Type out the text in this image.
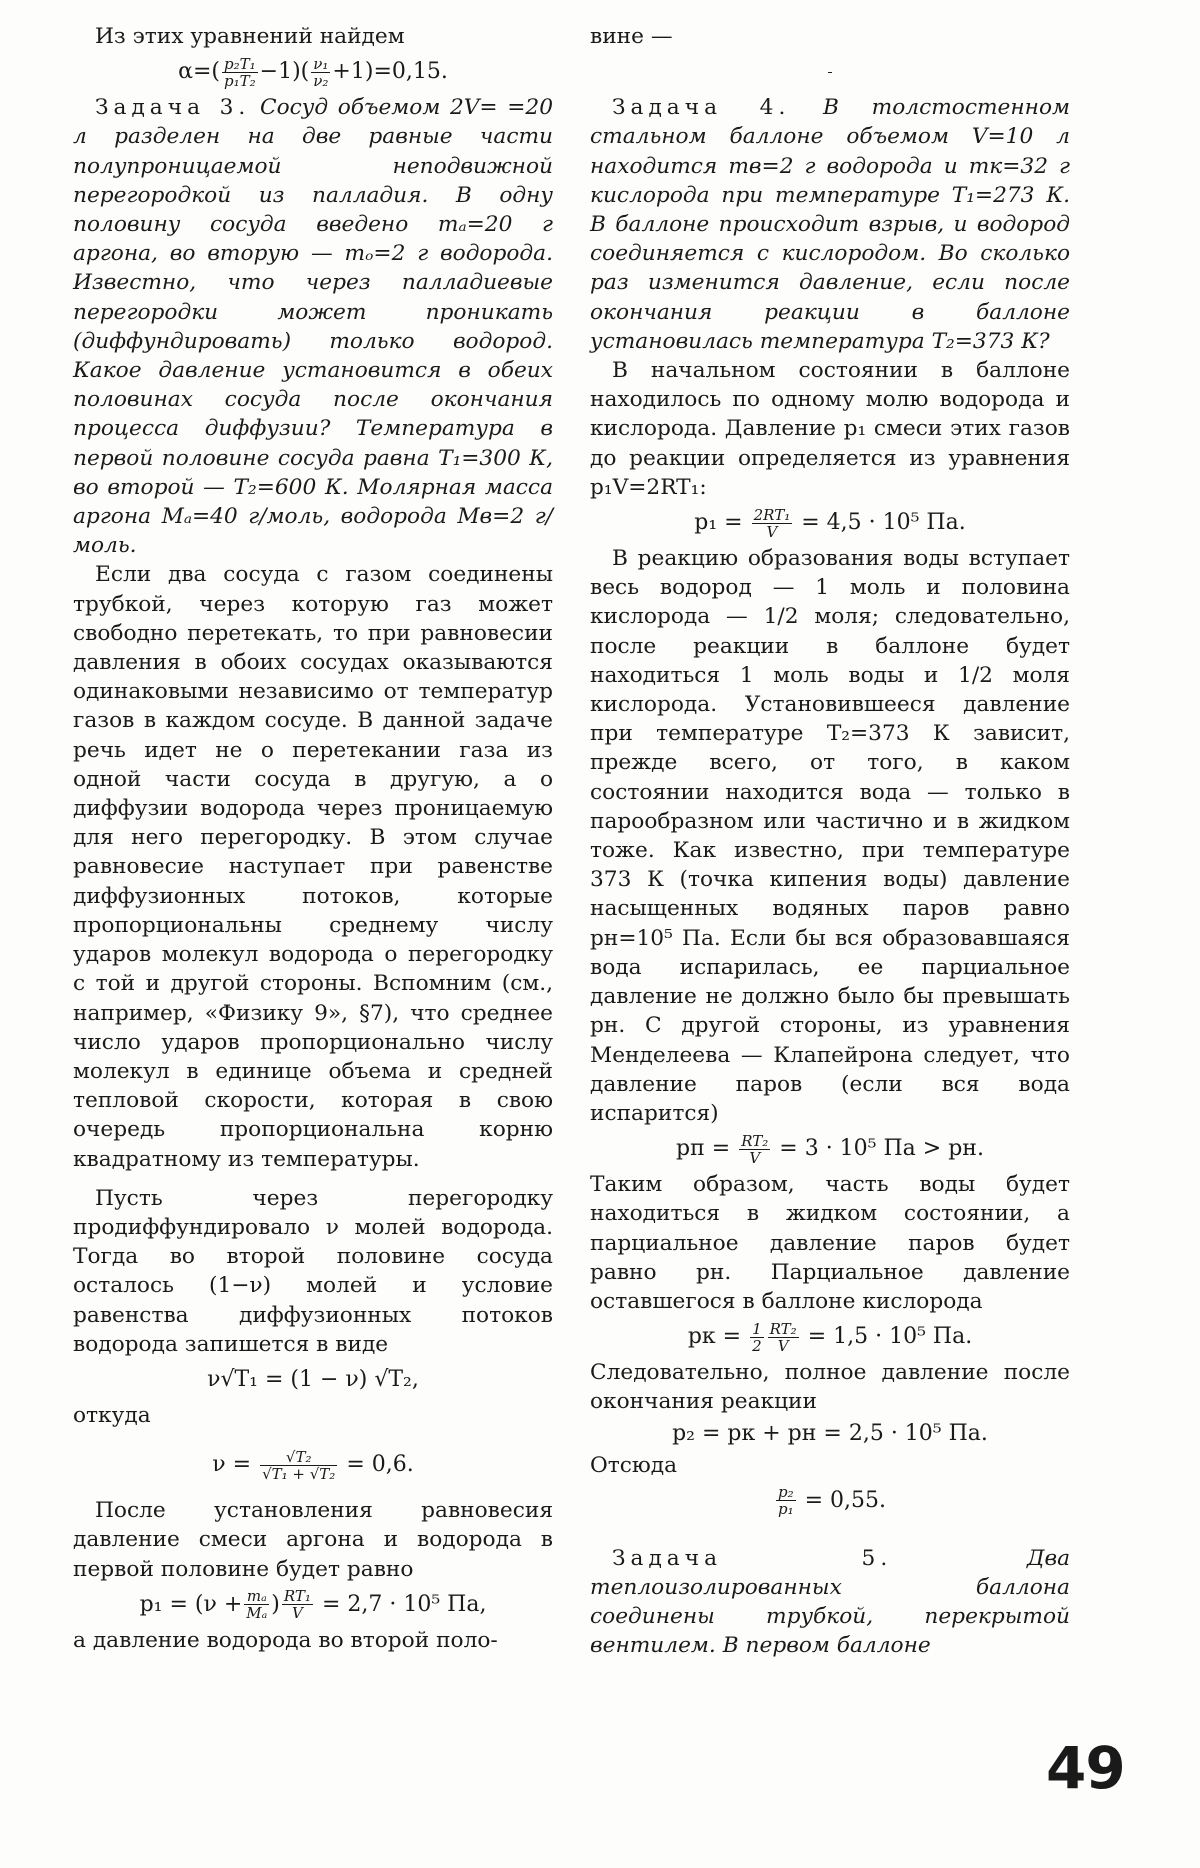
Из этих уравнений найдем

$\alpha=( \frac{\text{p₂T₁}}{\text{p₁T₂}} -1)( \frac{\text{ν₁}}{\text{ν₂}} +1)=0,15$.

Задача 3. Сосуд объемом 2V= =20 л разделен на две равные части полупроницаемой неподвижной перегородкой из палладия. В одну половину сосуда введено mₐ=20 г аргона, во вторую — mₒ=2 г водорода. Известно, что через палладиевые перегородки может проникать (диффундировать) только водород. Какое давление установится в обеих половинах сосуда после окончания процесса диффузии? Температура в первой половине сосуда равна T₁=300 К, во второй — T₂=600 К. Молярная масса аргона Mₐ=40 г/моль, водорода Mв=2 г/моль.

Если два сосуда с газом соединены трубкой, через которую газ может свободно перетекать, то при равновесии давления в обоих сосудах оказываются одинаковыми независимо от температур газов в каждом сосуде. В данной задаче речь идет не о перетекании газа из одной части сосуда в другую, а о диффузии водорода через проницаемую для него перегородку. В этом случае равновесие наступает при равенстве диффузионных потоков, которые пропорциональны среднему числу ударов молекул водорода о перегородку с той и другой стороны. Вспомним (см., например, «Физику 9», §7), что среднее число ударов пропорционально числу молекул в единице объема и средней тепловой скорости, которая в свою очередь пропорциональна корню квадратному из температуры.

Пусть через перегородку продиффундировало ν молей водорода. Тогда во второй половине сосуда осталось (1−ν) молей и условие равенства диффузионных потоков водорода запишется в виде

ν√T₁ = (1 − ν) √T₂,

откуда

$\nu = \frac{\text{√T₂}}{\text{√T₁ + √T₂}} = 0,6$.

После установления равновесия давление смеси аргона и водорода в первой половине будет равно

$p_1 = (\nu + \frac{\text{mₐ}}{\text{Mₐ}}$ ) $\frac{\text{RT₁}}{V} = 2,7 \cdot 10^5$ Па,

а давление водорода во второй поло-

вине —

Задача 4. В толстостенном стальном баллоне объемом V=10 л находится mв=2 г водорода и mк=32 г кислорода при температуре T₁=273 К. В баллоне происходит взрыв, и водород соединяется с кислородом. Во сколько раз изменится давление, если после окончания реакции в баллоне установилась температура T₂=373 К?

В начальном состоянии в баллоне находилось по одному молю водорода и кислорода. Давление p₁ смеси этих газов до реакции определяется из уравнения p₁V=2RT₁:

$p_1 = \frac{\text{2RT₁}}{V} = 4,5 \cdot 10^5$ Па.

В реакцию образования воды вступает весь водород — 1 моль и половина кислорода — 1/2 моля; следовательно, после реакции в баллоне будет находиться 1 моль воды и 1/2 моля кислорода. Установившееся давление при температуре T₂=373 К зависит, прежде всего, от того, в каком состоянии находится вода — только в парообразном или частично и в жидком тоже. Как известно, при температуре 373 К (точка кипения воды) давление насыщенных водяных паров равно pн=10⁵ Па. Если бы вся образовавшаяся вода испарилась, ее парциальное давление не должно было бы превышать pн. С другой стороны, из уравнения Менделеева — Клапейрона следует, что давление паров (если вся вода испарится)

pп = $\frac{\text{RT₂}}{V} = 3 \cdot 10^5$ Па > pн.

Таким образом, часть воды будет находиться в жидком состоянии, а парциальное давление паров будет равно pн. Парциальное давление оставшегося в баллоне кислорода

pк = $\frac{1}{2} \frac{\text{RT₂}}{V} = 1,5 \cdot 10^5$ Па.

Следовательно, полное давление после окончания реакции

p₂ = pк + pн = 2,5 · 10⁵ Па.

Отсюда

$\frac{\text{p₂}}{\text{p₁}} = 0,55$.

Задача 5.	Два теплоизолированных баллона соединены трубкой, перекрытой вентилем. В первом баллоне

49
